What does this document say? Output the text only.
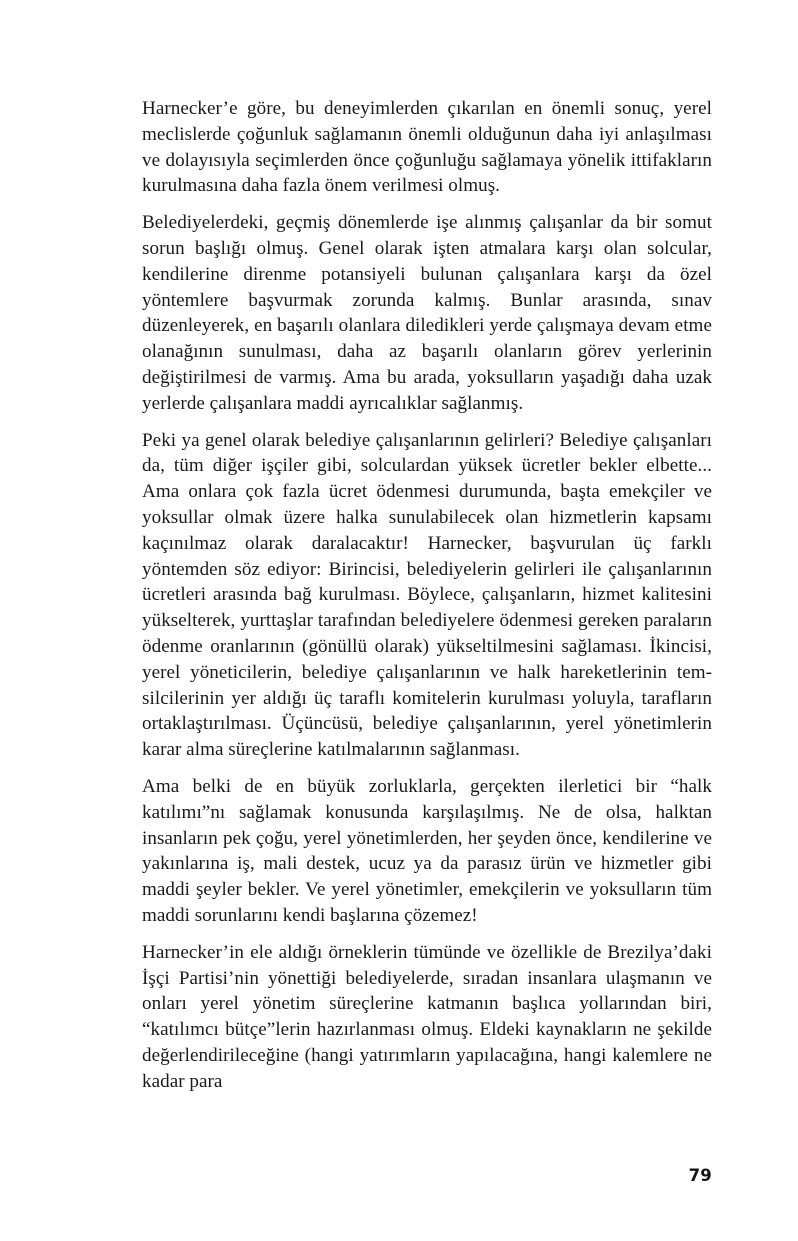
Harnecker’e göre, bu deneyimlerden çıkarılan en önemli sonuç, yerel meclislerde çoğunluk sağlamanın önemli olduğunun daha iyi anlaşılması ve dolayısıyla seçimlerden önce çoğunluğu sağlamaya yönelik ittifakların kurulmasına daha fazla önem verilmesi olmuş.

Belediyelerdeki, geçmiş dönemlerde işe alınmış çalışanlar da bir somut sorun başlığı olmuş. Genel olarak işten atmalara karşı olan solcular, kendilerine direnme potansiyeli bulunan çalışanlara karşı da özel yöntemlere başvurmak zorunda kalmış. Bunlar arasında, sınav düzenleyerek, en başarılı olanlara diledikleri yerde çalışmaya devam etme olanağının sunulması, daha az başarılı olanların görev yerlerinin değiştirilmesi de varmış. Ama bu arada, yoksulların yaşadığı daha uzak yerlerde çalışanlara maddi ayrıcalıklar sağlanmış.

Peki ya genel olarak belediye çalışanlarının gelirleri? Belediye çalışanları da, tüm diğer işçiler gibi, solculardan yüksek ücretler bekler elbette... Ama onlara çok fazla ücret ödenmesi durumunda, başta emekçiler ve yoksullar olmak üzere halka sunulabilecek olan hizmetlerin kapsamı kaçınılmaz olarak daralacaktır! Harnecker, başvurulan üç farklı yöntemden söz ediyor: Birincisi, belediyelerin gelirleri ile çalışanlarının ücretleri arasında bağ kurulması. Böylece, çalışanların, hizmet kalitesini yükselterek, yurttaşlar tarafından belediyelere ödenmesi gereken paraların ödenme oranlarının (gönüllü olarak) yükseltilmesini sağlaması. İkincisi, yerel yöneticilerin, belediye çalışanlarının ve halk hareketlerinin temsilcilerinin yer aldığı üç taraflı komitelerin kurulması yoluyla, tarafların ortaklaştırılması. Üçüncüsü, belediye çalışanlarının, yerel yönetimlerin karar alma süreçlerine katılmalarının sağlanması.

Ama belki de en büyük zorluklarla, gerçekten ilerletici bir “halk katılımı”nı sağlamak konusunda karşılaşılmış. Ne de olsa, halktan insanların pek çoğu, yerel yönetimlerden, her şeyden önce, kendilerine ve yakınlarına iş, mali destek, ucuz ya da parasız ürün ve hizmetler gibi maddi şeyler bekler. Ve yerel yönetimler, emekçilerin ve yoksulların tüm maddi sorunlarını kendi başlarına çözemez!

Harnecker’in ele aldığı örneklerin tümünde ve özellikle de Brezilya’daki İşçi Partisi’nin yönettiği belediyelerde, sıradan insanlara ulaşmanın ve onları yerel yönetim süreçlerine katmanın başlıca yollarından biri, “katılımcı bütçe”lerin hazırlanması olmuş. Eldeki kaynakların ne şekilde değerlendirileceğine (hangi yatırımların yapılacağına, hangi kalemlere ne kadar para

79
